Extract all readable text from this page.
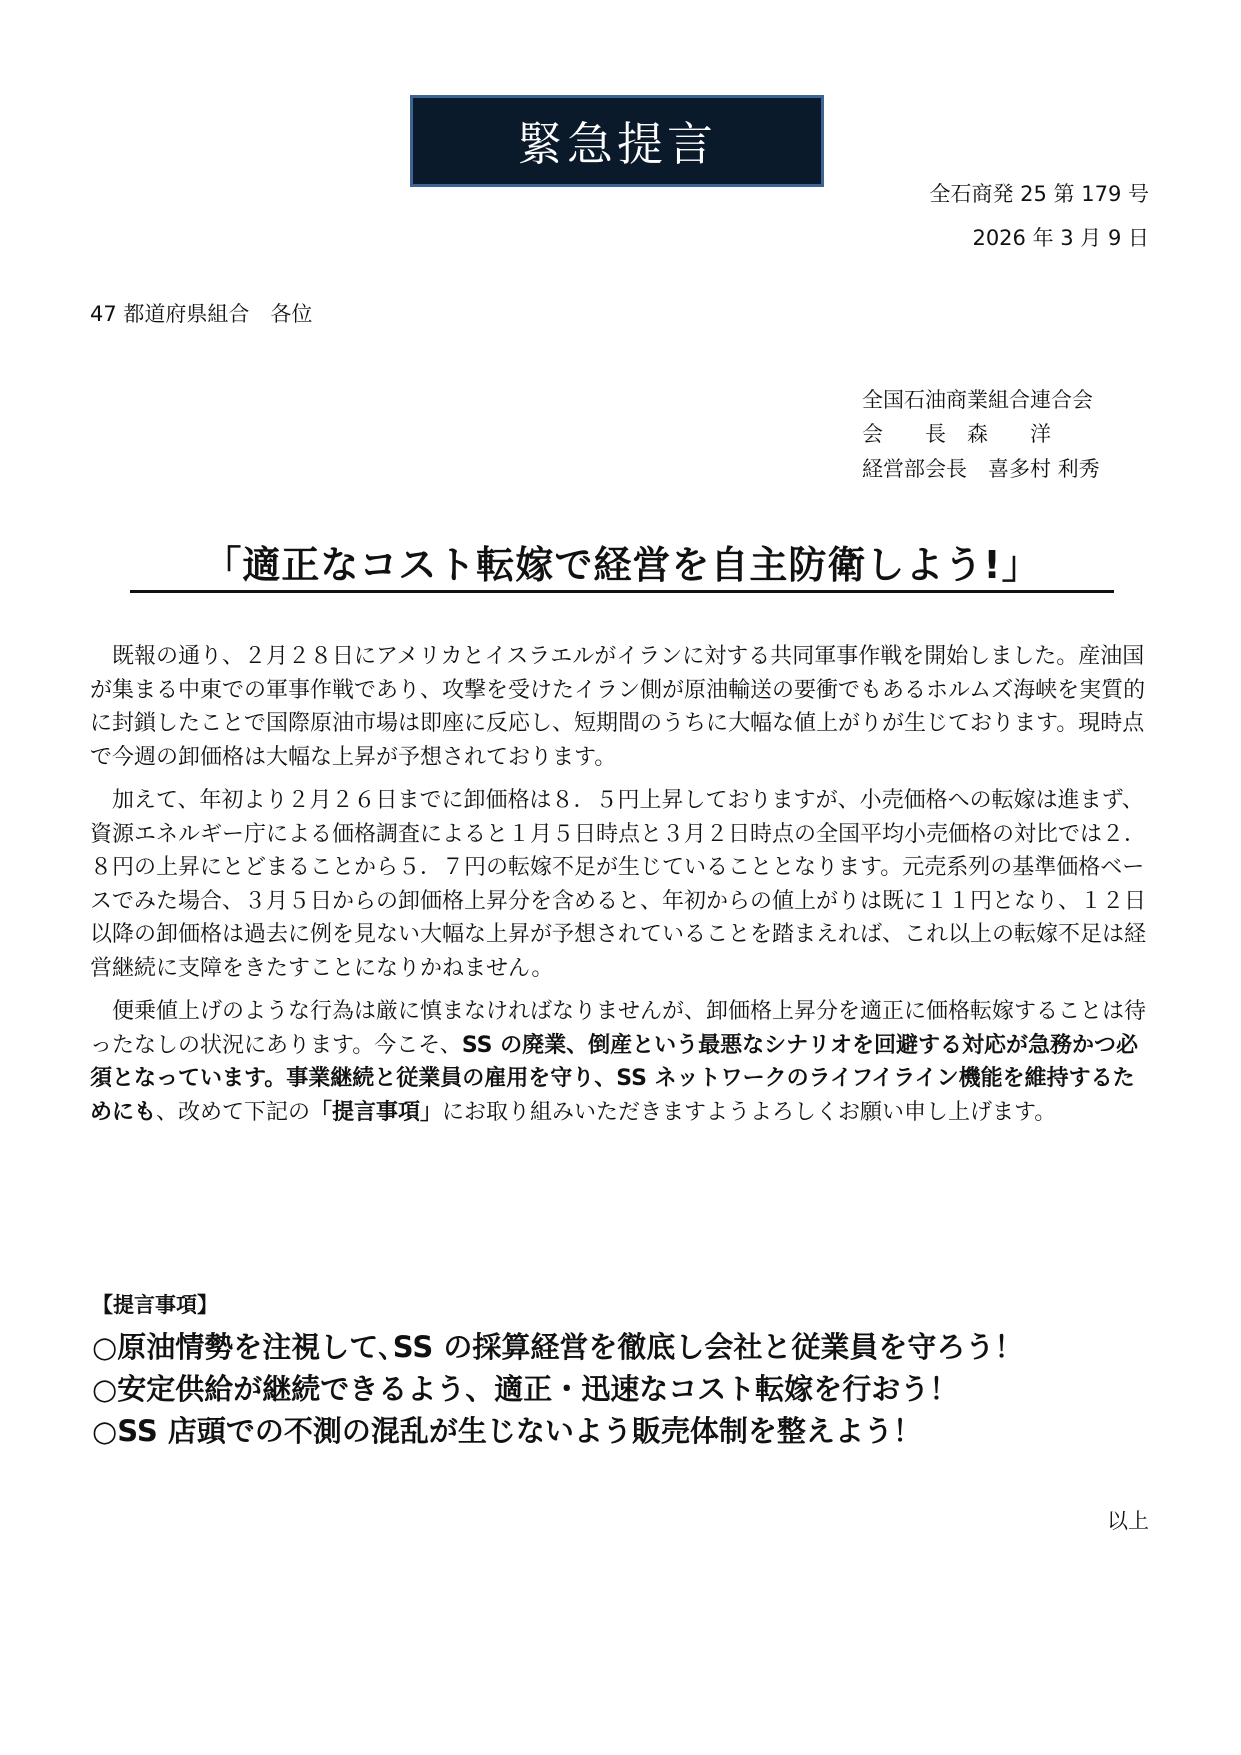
緊急提言
全石商発 25 第 179 号
2026 年 3 月 9 日
47 都道府県組合　各位
全国石油商業組合連合会
会　　長　森　　洋
経営部会長　喜多村 利秀
「適正なコスト転嫁で経営を自主防衛しよう!」

既報の通り、２月２８日にアメリカとイスラエルがイランに対する共同軍事作戦を開始しました。産油国が集まる中東での軍事作戦であり、攻撃を受けたイラン側が原油輸送の要衝でもあるホルムズ海峡を実質的に封鎖したことで国際原油市場は即座に反応し、短期間のうちに大幅な値上がりが生じております。現時点で今週の卸価格は大幅な上昇が予想されております。

加えて、年初より２月２６日までに卸価格は８．５円上昇しておりますが、小売価格への転嫁は進まず、資源エネルギー庁による価格調査によると１月５日時点と３月２日時点の全国平均小売価格の対比では２．８円の上昇にとどまることから５．７円の転嫁不足が生じていることとなります。元売系列の基準価格ベースでみた場合、３月５日からの卸価格上昇分を含めると、年初からの値上がりは既に１１円となり、１２日以降の卸価格は過去に例を見ない大幅な上昇が予想されていることを踏まえれば、これ以上の転嫁不足は経営継続に支障をきたすことになりかねません。

便乗値上げのような行為は厳に慎まなければなりませんが、卸価格上昇分を適正に価格転嫁することは待ったなしの状況にあります。今こそ、SS の廃業、倒産という最悪なシナリオを回避する対応が急務かつ必須となっています。事業継続と従業員の雇用を守り、SS ネットワークのライフイライン機能を維持するためにも、改めて下記の「提言事項」にお取り組みいただきますようよろしくお願い申し上げます。

【提言事項】
○原油情勢を注視して､SS の採算経営を徹底し会社と従業員を守ろう！
○安定供給が継続できるよう、適正・迅速なコスト転嫁を行おう！
○SS 店頭での不測の混乱が生じないよう販売体制を整えよう！
以上
